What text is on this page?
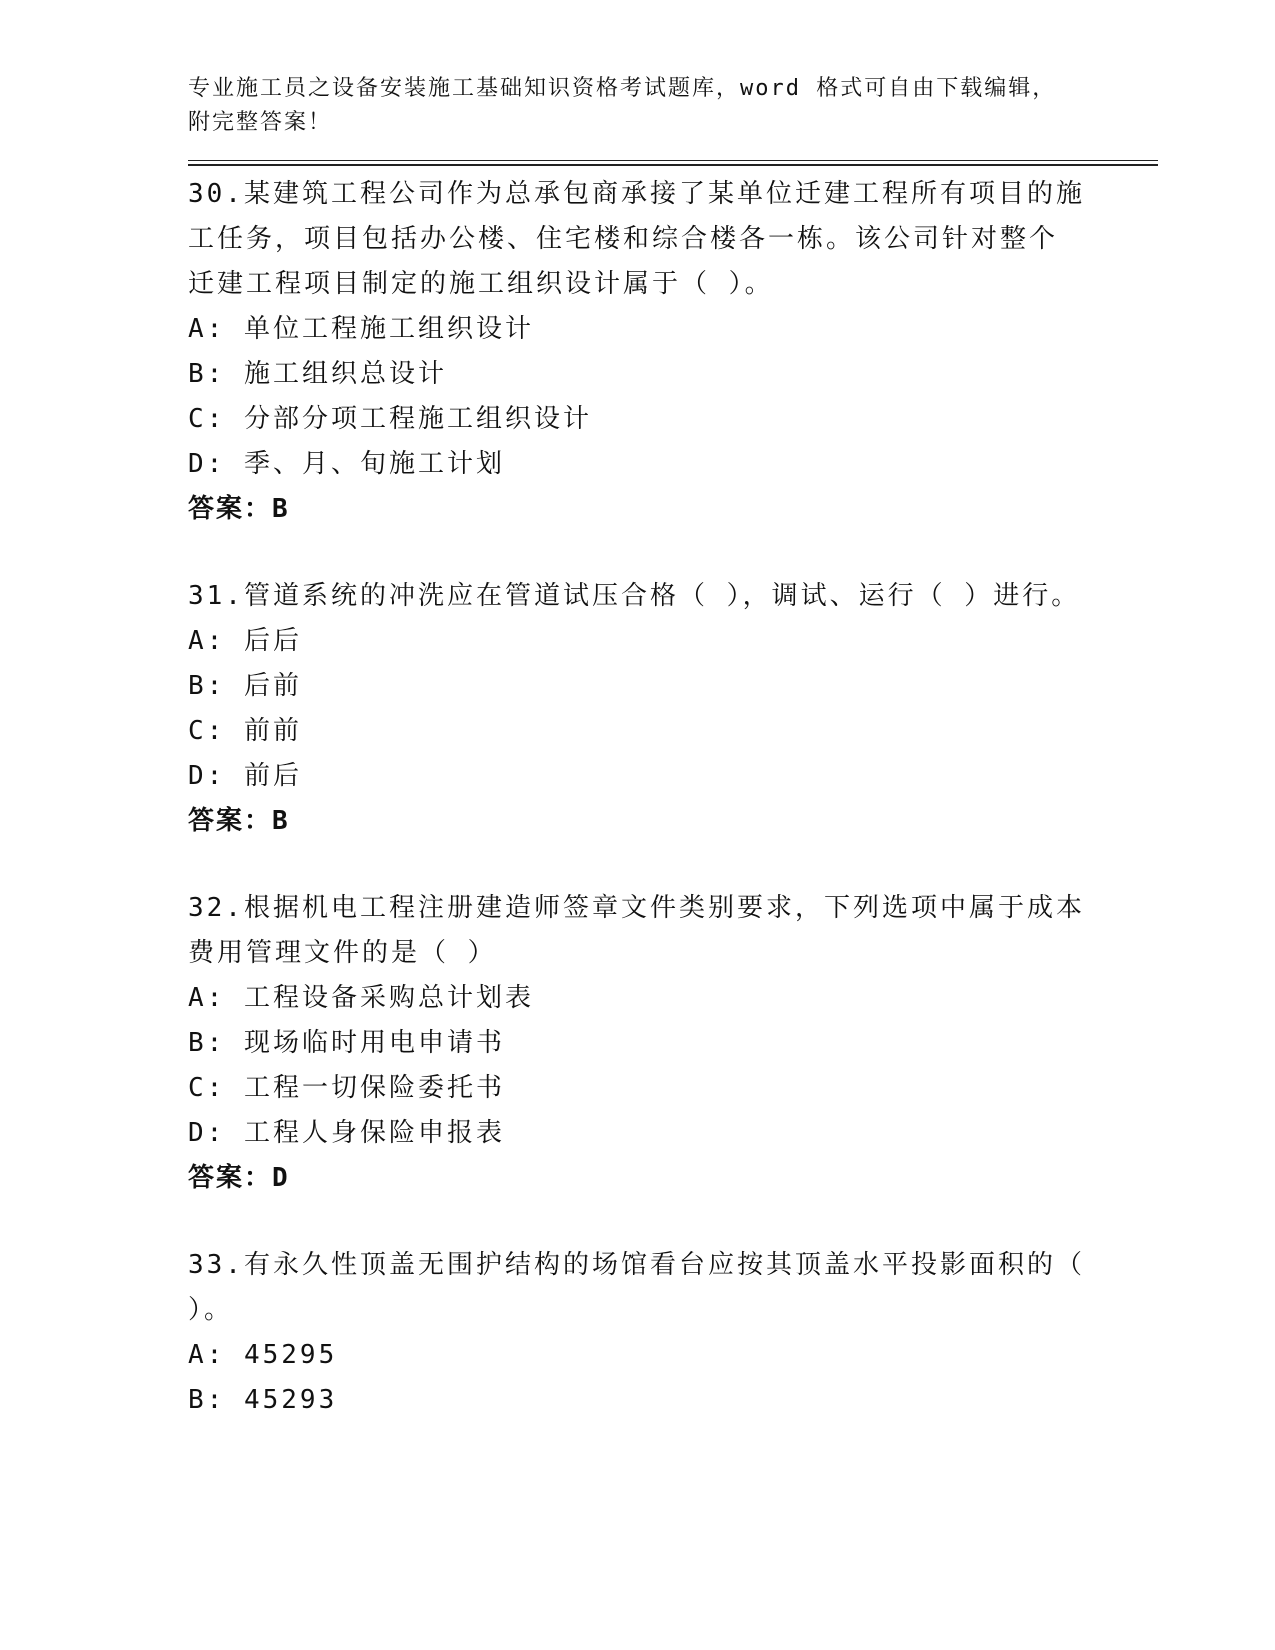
专业施工员之设备安装施工基础知识资格考试题库，word 格式可自由下载编辑，

附完整答案！

30.某建筑工程公司作为总承包商承接了某单位迁建工程所有项目的施

工任务，项目包括办公楼、住宅楼和综合楼各一栋。该公司针对整个

迁建工程项目制定的施工组织设计属于（ ）。

A: 单位工程施工组织设计

B: 施工组织总设计

C: 分部分项工程施工组织设计

D: 季、月、旬施工计划

答案：B

31.管道系统的冲洗应在管道试压合格（ ），调试、运行（ ）进行。

A: 后后

B: 后前

C: 前前

D: 前后

答案：B

32.根据机电工程注册建造师签章文件类别要求，下列选项中属于成本

费用管理文件的是（ ）

A: 工程设备采购总计划表

B: 现场临时用电申请书

C: 工程一切保险委托书

D: 工程人身保险申报表

答案：D

33.有永久性顶盖无围护结构的场馆看台应按其顶盖水平投影面积的（

）。

A: 45295

B: 45293
